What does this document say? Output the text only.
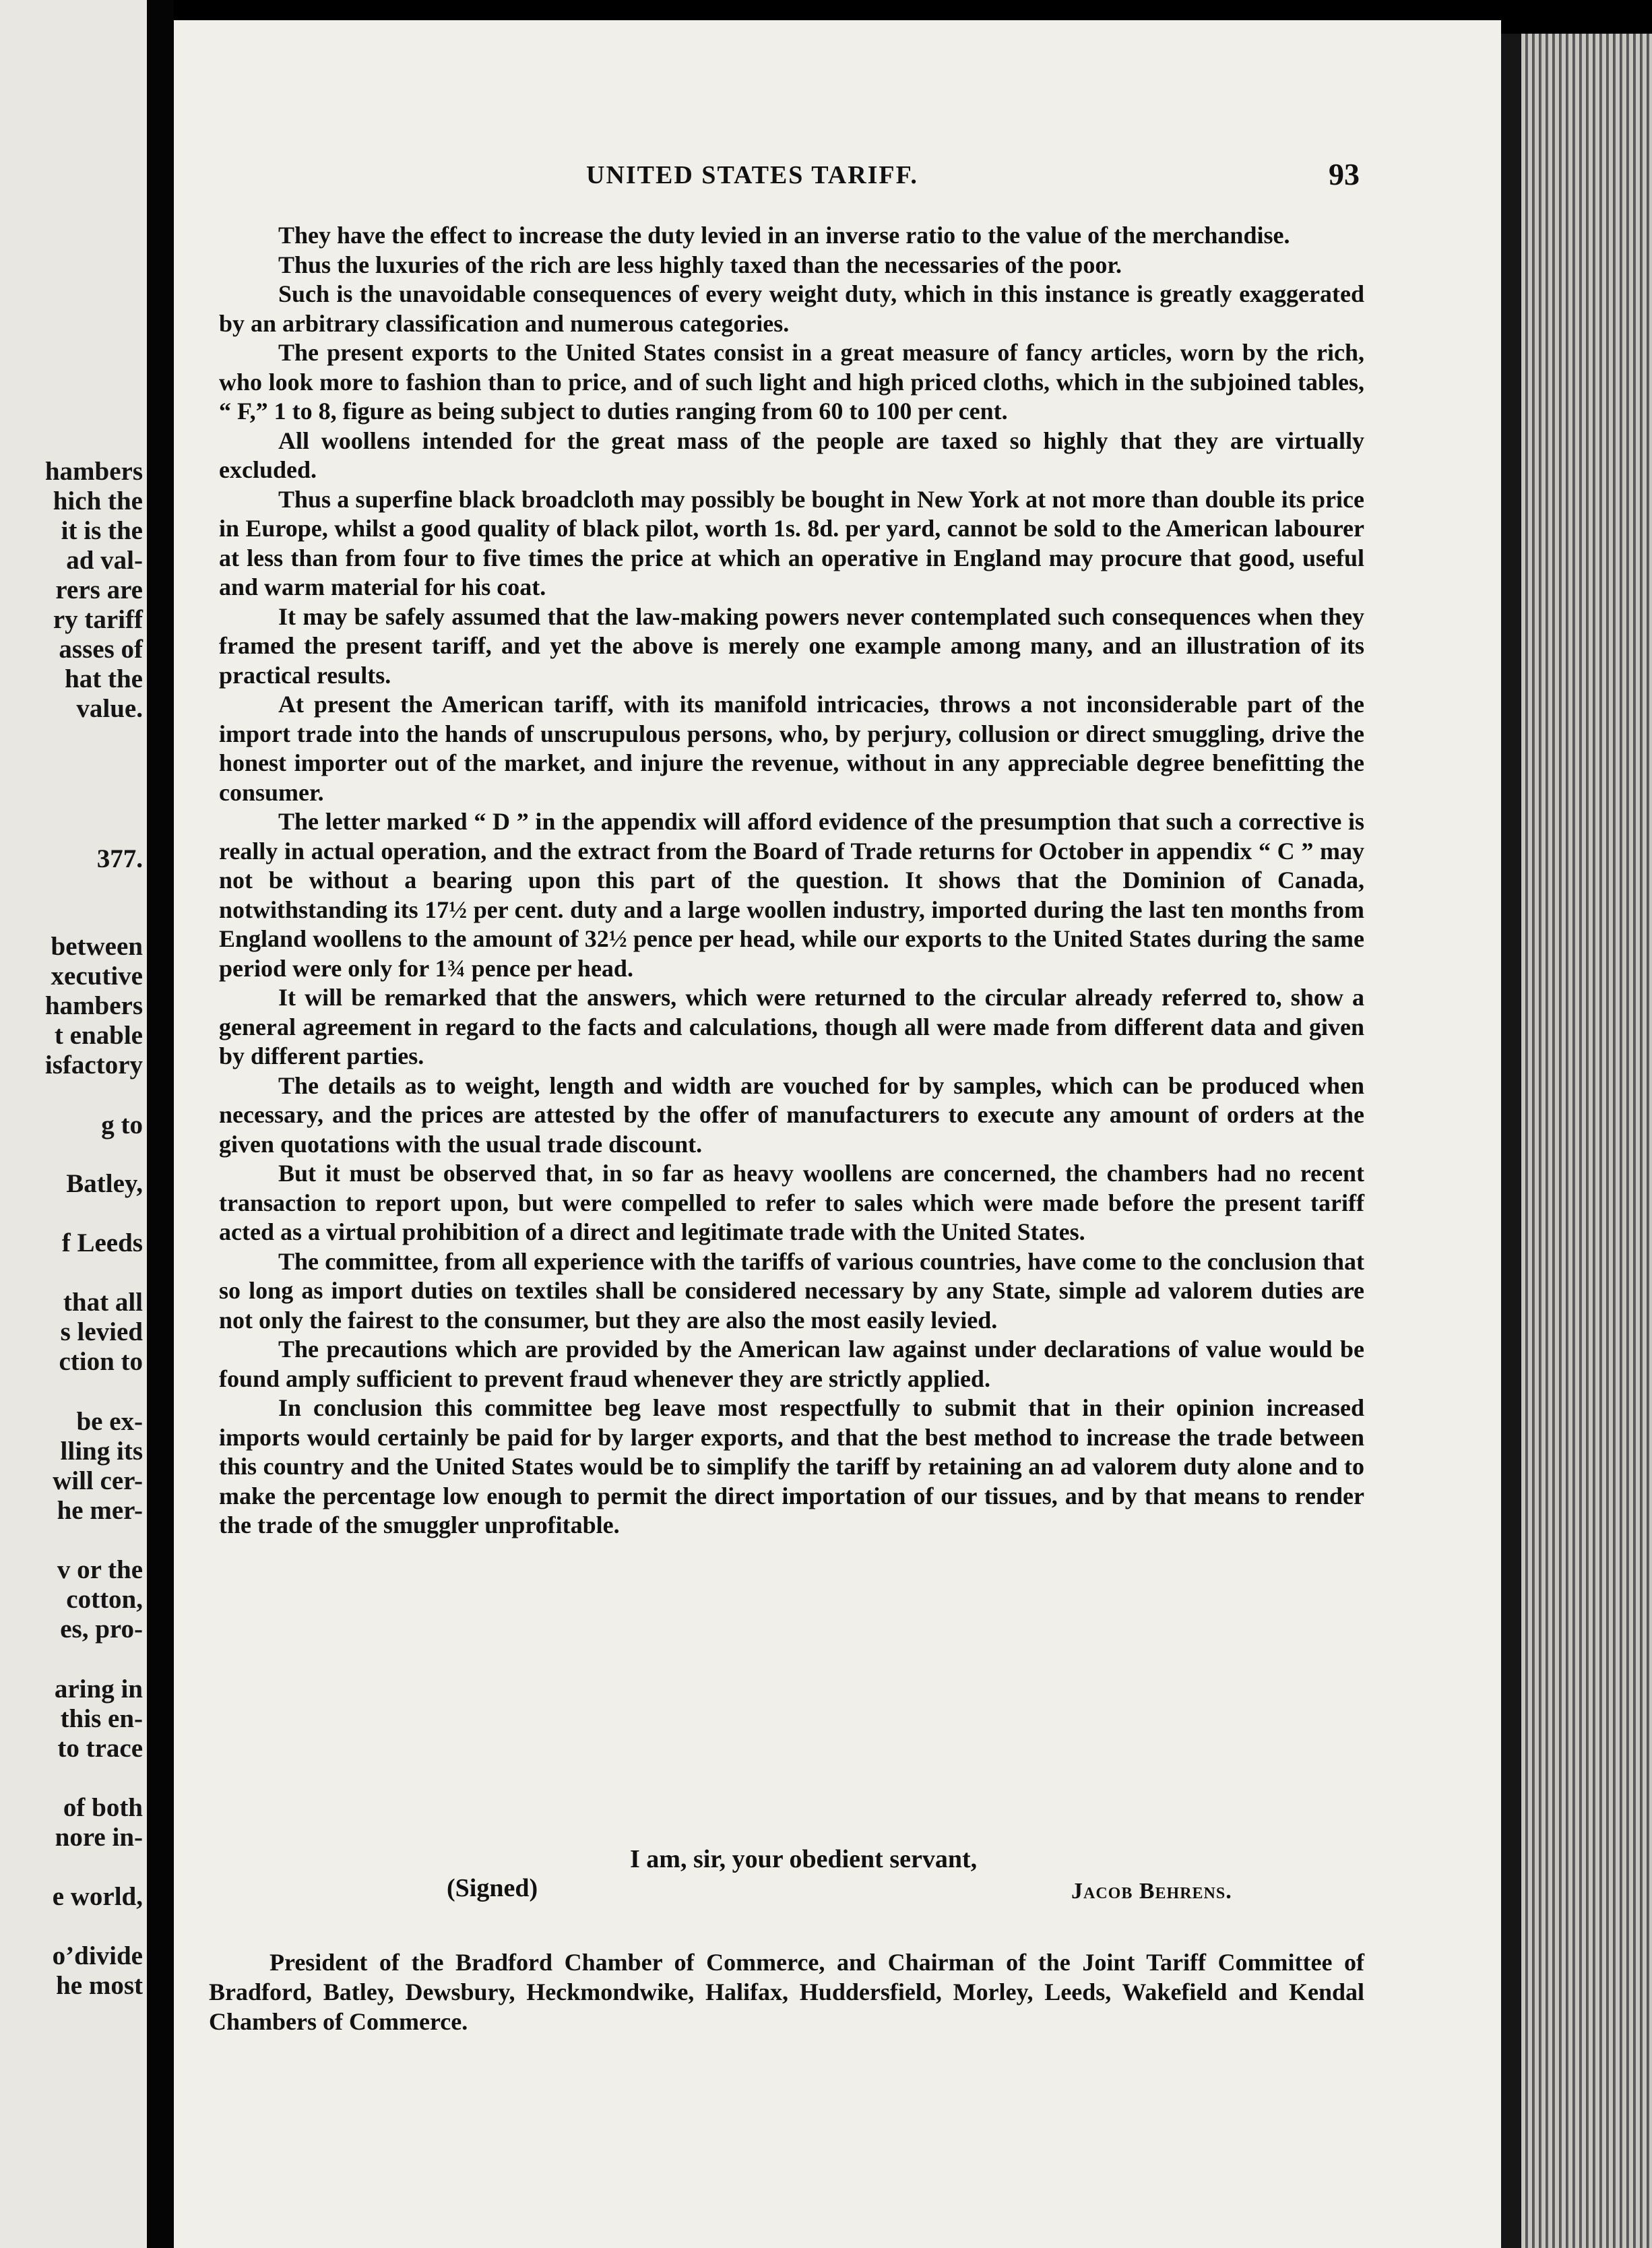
hambers
hich the
it is the
ad val-
rers are
ry tariff
asses of
hat the
value.
377.
between
xecutive
hambers
t enable
isfactory
g to
Batley,
f Leeds
that all
s levied
ction to
be ex-
lling its
will cer-
he mer-
v or the
cotton,
es, pro-
aring in
this en-
to trace
of both
nore in-
e world,
o’divide
he most
UNITED STATES TARIFF.	93

They have the effect to increase the duty levied in an inverse ratio to the value of the merchandise.

Thus the luxuries of the rich are less highly taxed than the necessaries of the poor.

Such is the unavoidable consequences of every weight duty, which in this instance is greatly exaggerated by an arbitrary classification and numerous categories.

The present exports to the United States consist in a great measure of fancy articles, worn by the rich, who look more to fashion than to price, and of such light and high priced cloths, which in the subjoined tables, “ F,” 1 to 8, figure as being subject to duties ranging from 60 to 100 per cent.

All woollens intended for the great mass of the people are taxed so highly that they are virtually excluded.

Thus a superfine black broadcloth may possibly be bought in New York at not more than double its price in Europe, whilst a good quality of black pilot, worth 1s. 8d. per yard, cannot be sold to the American labourer at less than from four to five times the price at which an operative in England may procure that good, useful and warm material for his coat.

It may be safely assumed that the law-making powers never contemplated such consequences when they framed the present tariff, and yet the above is merely one example among many, and an illustration of its practical results.

At present the American tariff, with its manifold intricacies, throws a not inconsiderable part of the import trade into the hands of unscrupulous persons, who, by perjury, collusion or direct smuggling, drive the honest importer out of the market, and injure the revenue, without in any appreciable degree benefitting the consumer.

The letter marked “ D ” in the appendix will afford evidence of the presumption that such a corrective is really in actual operation, and the extract from the Board of Trade returns for October in appendix “ C ” may not be without a bearing upon this part of the question. It shows that the Dominion of Canada, notwithstanding its 17½ per cent. duty and a large woollen industry, imported during the last ten months from England woollens to the amount of 32½ pence per head, while our exports to the United States during the same period were only for 1¾ pence per head.

It will be remarked that the answers, which were returned to the circular already referred to, show a general agreement in regard to the facts and calculations, though all were made from different data and given by different parties.

The details as to weight, length and width are vouched for by samples, which can be produced when necessary, and the prices are attested by the offer of manufacturers to execute any amount of orders at the given quotations with the usual trade discount.

But it must be observed that, in so far as heavy woollens are concerned, the chambers had no recent transaction to report upon, but were compelled to refer to sales which were made before the present tariff acted as a virtual prohibition of a direct and legitimate trade with the United States.

The committee, from all experience with the tariffs of various countries, have come to the conclusion that so long as import duties on textiles shall be considered necessary by any State, simple ad valorem duties are not only the fairest to the consumer, but they are also the most easily levied.

The precautions which are provided by the American law against under declarations of value would be found amply sufficient to prevent fraud whenever they are strictly applied.

In conclusion this committee beg leave most respectfully to submit that in their opinion increased imports would certainly be paid for by larger exports, and that the best method to increase the trade between this country and the United States would be to simplify the tariff by retaining an ad valorem duty alone and to make the percentage low enough to permit the direct importation of our tissues, and by that means to render the trade of the smuggler unprofitable.

I am, sir, your obedient servant,
(Signed)	Jacob Behrens.

President of the Bradford Chamber of Commerce, and Chairman of the Joint Tariff Committee of Bradford, Batley, Dewsbury, Heckmondwike, Halifax, Huddersfield, Morley, Leeds, Wakefield and Kendal Chambers of Commerce.
